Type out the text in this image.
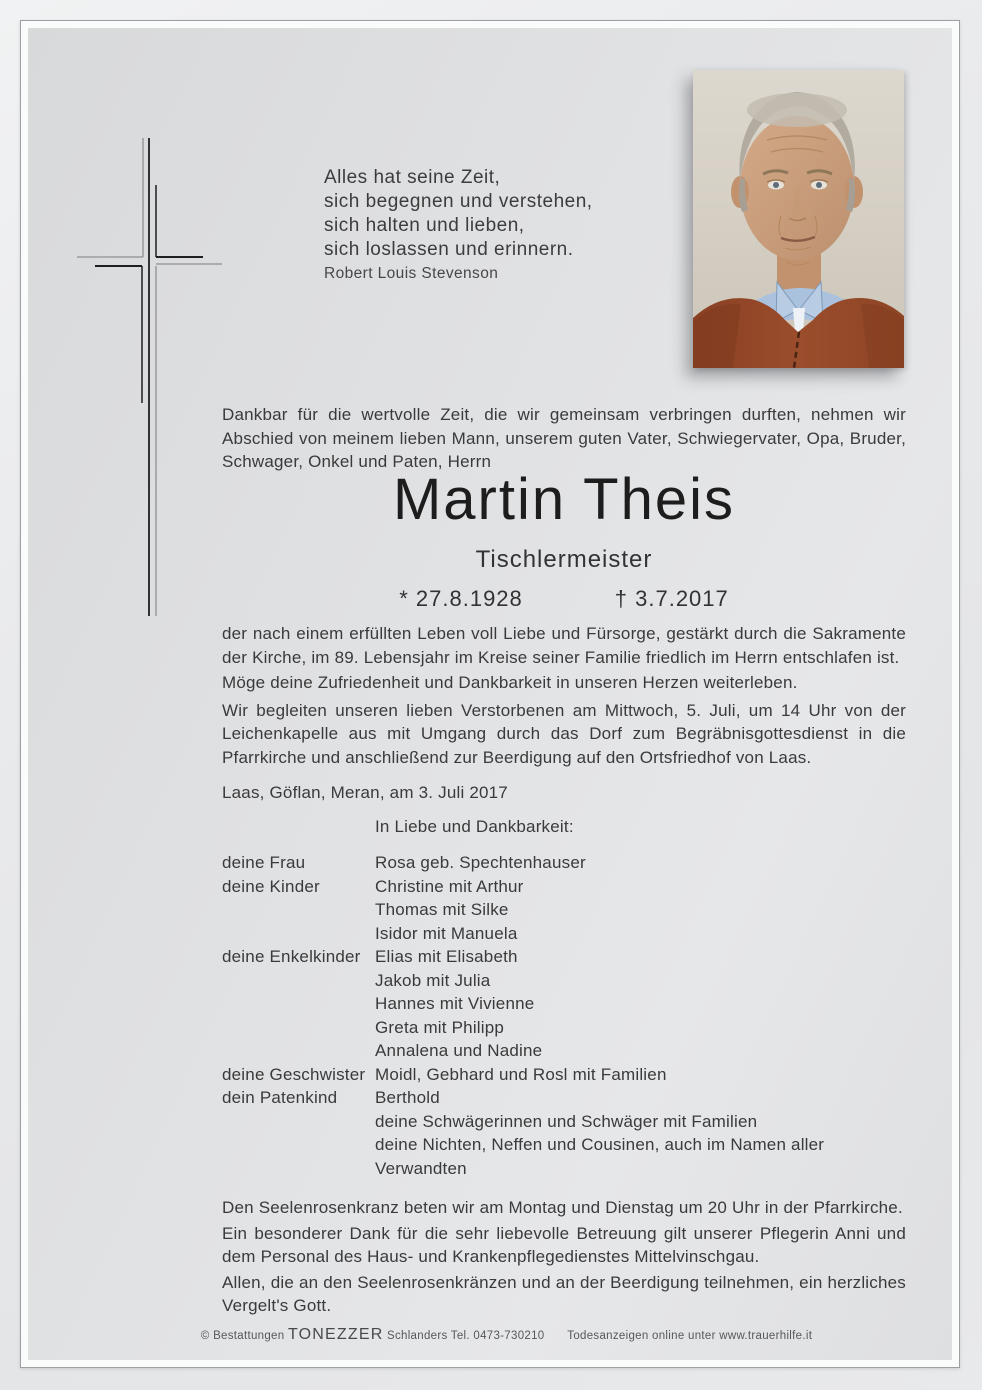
Alles hat seine Zeit,
sich begegnen und verstehen,
sich halten und lieben,
sich loslassen und erinnern.
Robert Louis Stevenson

Dankbar für die wertvolle Zeit, die wir gemeinsam verbringen durften, nehmen wir Abschied von meinem lieben Mann, unserem guten Vater, Schwiegervater, Opa, Bruder, Schwager, Onkel und Paten, Herrn

Martin Theis
Tischlermeister
* 27.8.1928	† 3.7.2017

der nach einem erfüllten Leben voll Liebe und Fürsorge, gestärkt durch die Sakramente der Kirche, im 89. Lebensjahr im Kreise seiner Familie friedlich im Herrn entschlafen ist.

Möge deine Zufriedenheit und Dankbarkeit in unseren Herzen weiterleben.

Wir begleiten unseren lieben Verstorbenen am Mittwoch, 5. Juli, um 14 Uhr von der Leichenkapelle aus mit Umgang durch das Dorf zum Begräbnisgottesdienst in die Pfarrkirche und anschließend zur Beerdigung auf den Ortsfriedhof von Laas.

Laas, Göflan, Meran, am 3. Juli 2017

In Liebe und Dankbarkeit:

deine Frau	Rosa geb. Spechtenhauser
deine Kinder	Christine mit Arthur
	Thomas mit Silke
	Isidor mit Manuela
deine Enkelkinder	Elias mit Elisabeth
	Jakob mit Julia
	Hannes mit Vivienne
	Greta mit Philipp
	Annalena und Nadine
deine Geschwister	Moidl, Gebhard und Rosl mit Familien
dein Patenkind	Berthold
	deine Schwägerinnen und Schwäger mit Familien
	deine Nichten, Neffen und Cousinen, auch im Namen aller Verwandten

Den Seelenrosenkranz beten wir am Montag und Dienstag um 20 Uhr in der Pfarrkirche.

Ein besonderer Dank für die sehr liebevolle Betreuung gilt unserer Pflegerin Anni und dem Personal des Haus- und Krankenpflegedienstes Mittelvinschgau.

Allen, die an den Seelenrosenkränzen und an der Beerdigung teilnehmen, ein herzliches Vergelt's Gott.

© Bestattungen TONEZZER Schlanders Tel. 0473-730210 Todesanzeigen online unter www.trauerhilfe.it
